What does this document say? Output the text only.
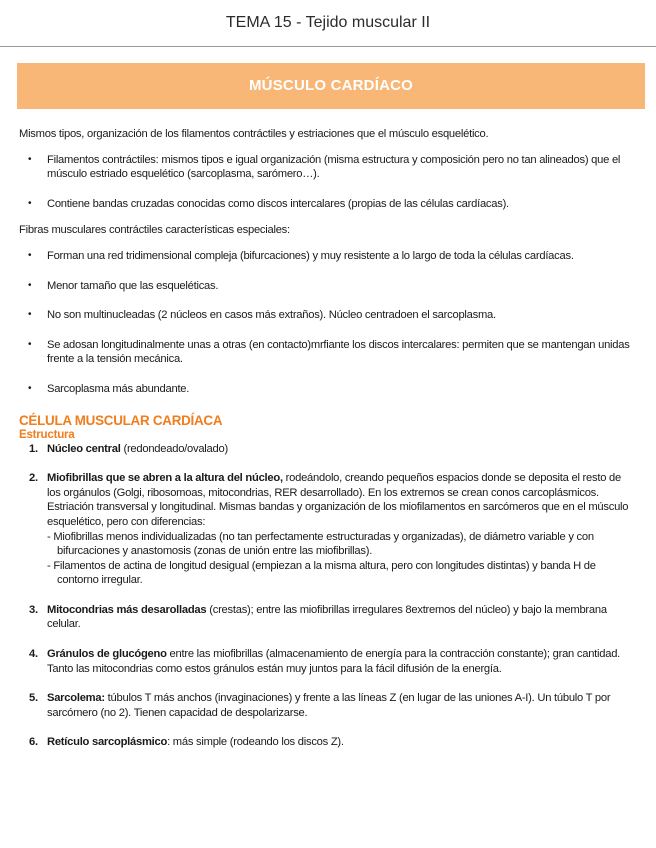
TEMA 15 - Tejido muscular II
MÚSCULO CARDÍACO

Mismos tipos, organización de los filamentos contráctiles y estriaciones que el músculo esquelético.

• Filamentos contráctiles: mismos tipos e igual organización (misma estructura y composición pero no tan alineados) que el músculo estriado esquelético (sarcoplasma, sarómero…).
• Contiene bandas cruzadas conocidas como discos intercalares (propias de las células cardíacas).

Fibras musculares contráctiles características especiales:

• Forman una red tridimensional compleja (bifurcaciones) y muy resistente a lo largo de toda la células cardíacas.
• Menor tamaño que las esqueléticas.
• No son multinucleadas (2 núcleos en casos más extraños). Núcleo centradoen el sarcoplasma.
• Se adosan longitudinalmente unas a otras (en contacto)mrfiante los discos intercalares: permiten que se mantengan unidas frente a la tensión mecánica.
• Sarcoplasma más abundante.
CÉLULA MUSCULAR CARDÍACA
Estructura
1. Núcleo central (redondeado/ovalado)
2. Miofibrillas que se abren a la altura del núcleo, rodeándolo, creando pequeños espacios donde se deposita el resto de los orgánulos (Golgi, ribosomoas, mitocondrias, RER desarrollado). En los extremos se crean conos carcoplásmicos.
Estriación transversal y longitudinal. Mismas bandas y organización de los miofilamentos en sarcómeros que en el músculo esquelético, pero con diferencias:
- Miofibrillas menos individualizadas (no tan perfectamente estructuradas y organizadas), de diámetro variable y con bifurcaciones y anastomosis (zonas de unión entre las miofibrillas).
- Filamentos de actina de longitud desigual (empiezan a la misma altura, pero con longitudes distintas) y banda H de contorno irregular.
3. Mitocondrias más desarolladas (crestas); entre las miofibrillas irregulares 8extremos del núcleo) y bajo la membrana celular.
4. Gránulos de glucógeno entre las miofibrillas (almacenamiento de energía para la contracción constante); gran cantidad. Tanto las mitocondrias como estos gránulos están muy juntos para la fácil difusión de la energía.
5. Sarcolema: túbulos T más anchos (invaginaciones) y frente a las líneas Z (en lugar de las uniones A-I). Un túbulo T por sarcómero (no 2). Tienen capacidad de despolarizarse.
6. Retículo sarcoplásmico: más simple (rodeando los discos Z).
